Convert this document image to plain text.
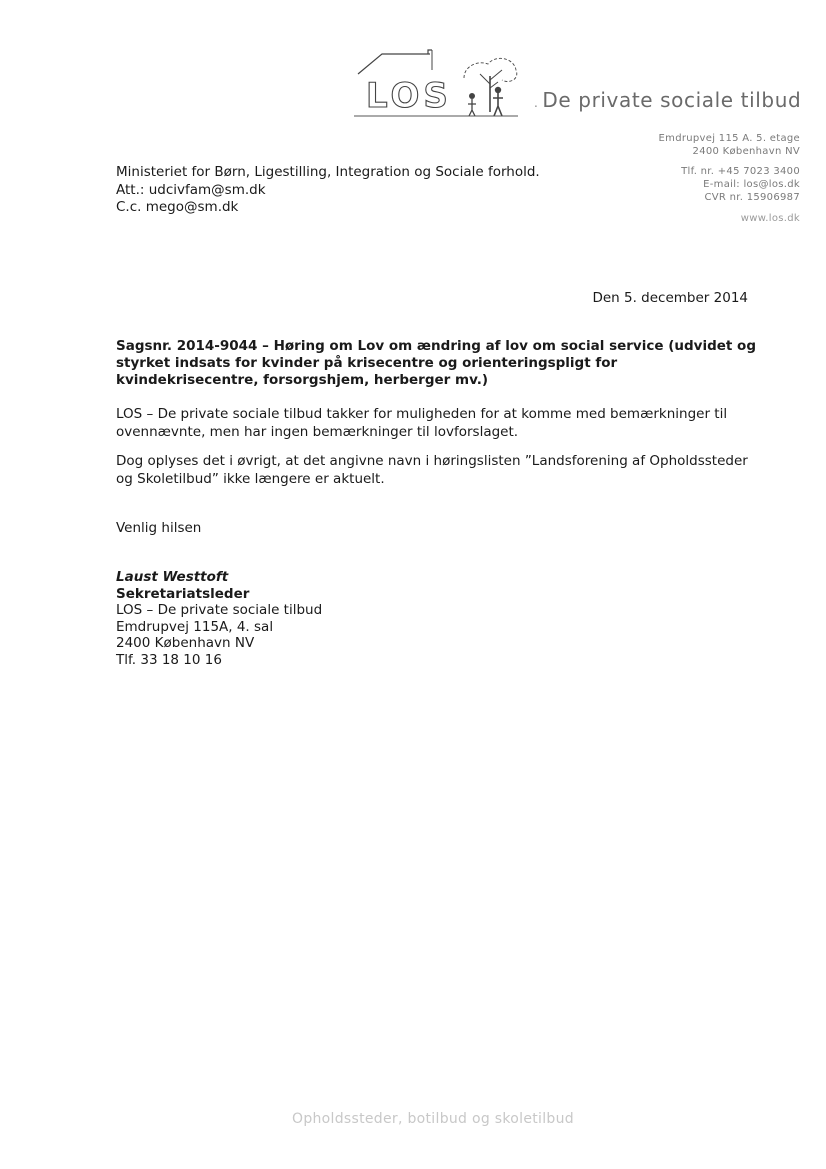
LOS	. De private sociale tilbud
Emdrupvej 115 A. 5. etage
2400 København NV
Tlf. nr. +45 7023 3400
E-mail: los@los.dk
CVR nr. 15906987
www.los.dk
Ministeriet for Børn, Ligestilling, Integration og Sociale forhold.
Att.: udcivfam@sm.dk
C.c. mego@sm.dk
Den 5. december 2014
Sagsnr. 2014-9044 – Høring om Lov om ændring af lov om social service (udvidet og styrket indsats for kvinder på krisecentre og orienteringspligt for kvindekrisecentre, forsorgshjem, herberger mv.)
LOS – De private sociale tilbud takker for muligheden for at komme med bemærkninger til
ovennævnte, men har ingen bemærkninger til lovforslaget.
Dog oplyses det i øvrigt, at det angivne navn i høringslisten ”Landsforening af Opholdssteder
og Skoletilbud” ikke længere er aktuelt.
Venlig hilsen
Laust Westtoft
Sekretariatsleder
LOS – De private sociale tilbud
Emdrupvej 115A, 4. sal
2400 København NV
Tlf. 33 18 10 16
Opholdssteder, botilbud og skoletilbud
